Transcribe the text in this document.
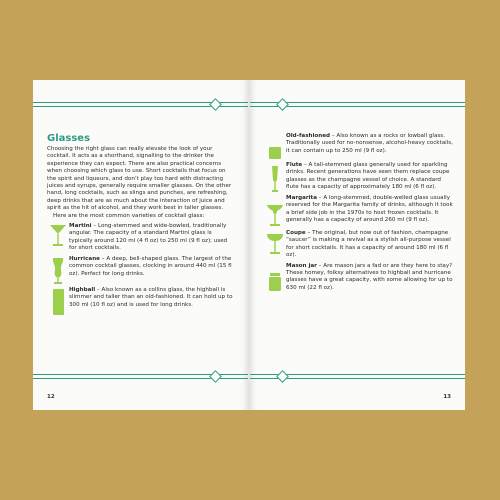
Glasses

Choosing the right glass can really elevate the look of your cocktail. It acts as a shorthand, signalling to the drinker the experience they can expect. There are also practical concerns when choosing which glass to use. Short cocktails that focus on the spirit and liqueurs, and don’t play too hard with distracting juices and syrups, generally require smaller glasses. On the other hand, long cocktails, such as slings and punches, are refreshing, deep drinks that are as much about the interaction of juice and spirit as the hit of alcohol, and they work best in taller glasses.

Here are the most common varieties of cocktail glass:

Martini – Long-stemmed and wide-bowled, traditionally angular. The capacity of a standard Martini glass is typically around 120 ml (4 fl oz) to 250 ml (9 fl oz); used for short cocktails.
Hurricane – A deep, bell-shaped glass. The largest of the common cocktail glasses, clocking in around 440 ml (15 fl oz). Perfect for long drinks.
Highball – Also known as a collins glass, the highball is slimmer and taller than an old-fashioned. It can hold up to 300 ml (10 fl oz) and is used for long drinks.
12
Old-fashioned – Also known as a rocks or lowball glass. Traditionally used for no-nonsense, alcohol-heavy cocktails, it can contain up to 250 ml (9 fl oz).
Flute – A tall-stemmed glass generally used for sparkling drinks. Recent generations have seen them replace coupe glasses as the champagne vessel of choice. A standard flute has a capacity of approximately 180 ml (6 fl oz).
Margarita – A long-stemmed, double-welled glass usually reserved for the Margarita family of drinks, although it took a brief side job in the 1970s to host frozen cocktails. It generally has a capacity of around 260 ml (9 fl oz).
Coupe – The original, but now out of fashion, champagne “saucer” is making a revival as a stylish all-purpose vessel for short cocktails. It has a capacity of around 180 ml (6 fl oz).
Mason jar – Are mason jars a fad or are they here to stay? These homey, folksy alternatives to highball and hurricane glasses have a great capacity, with some allowing for up to 630 ml (22 fl oz).
13
